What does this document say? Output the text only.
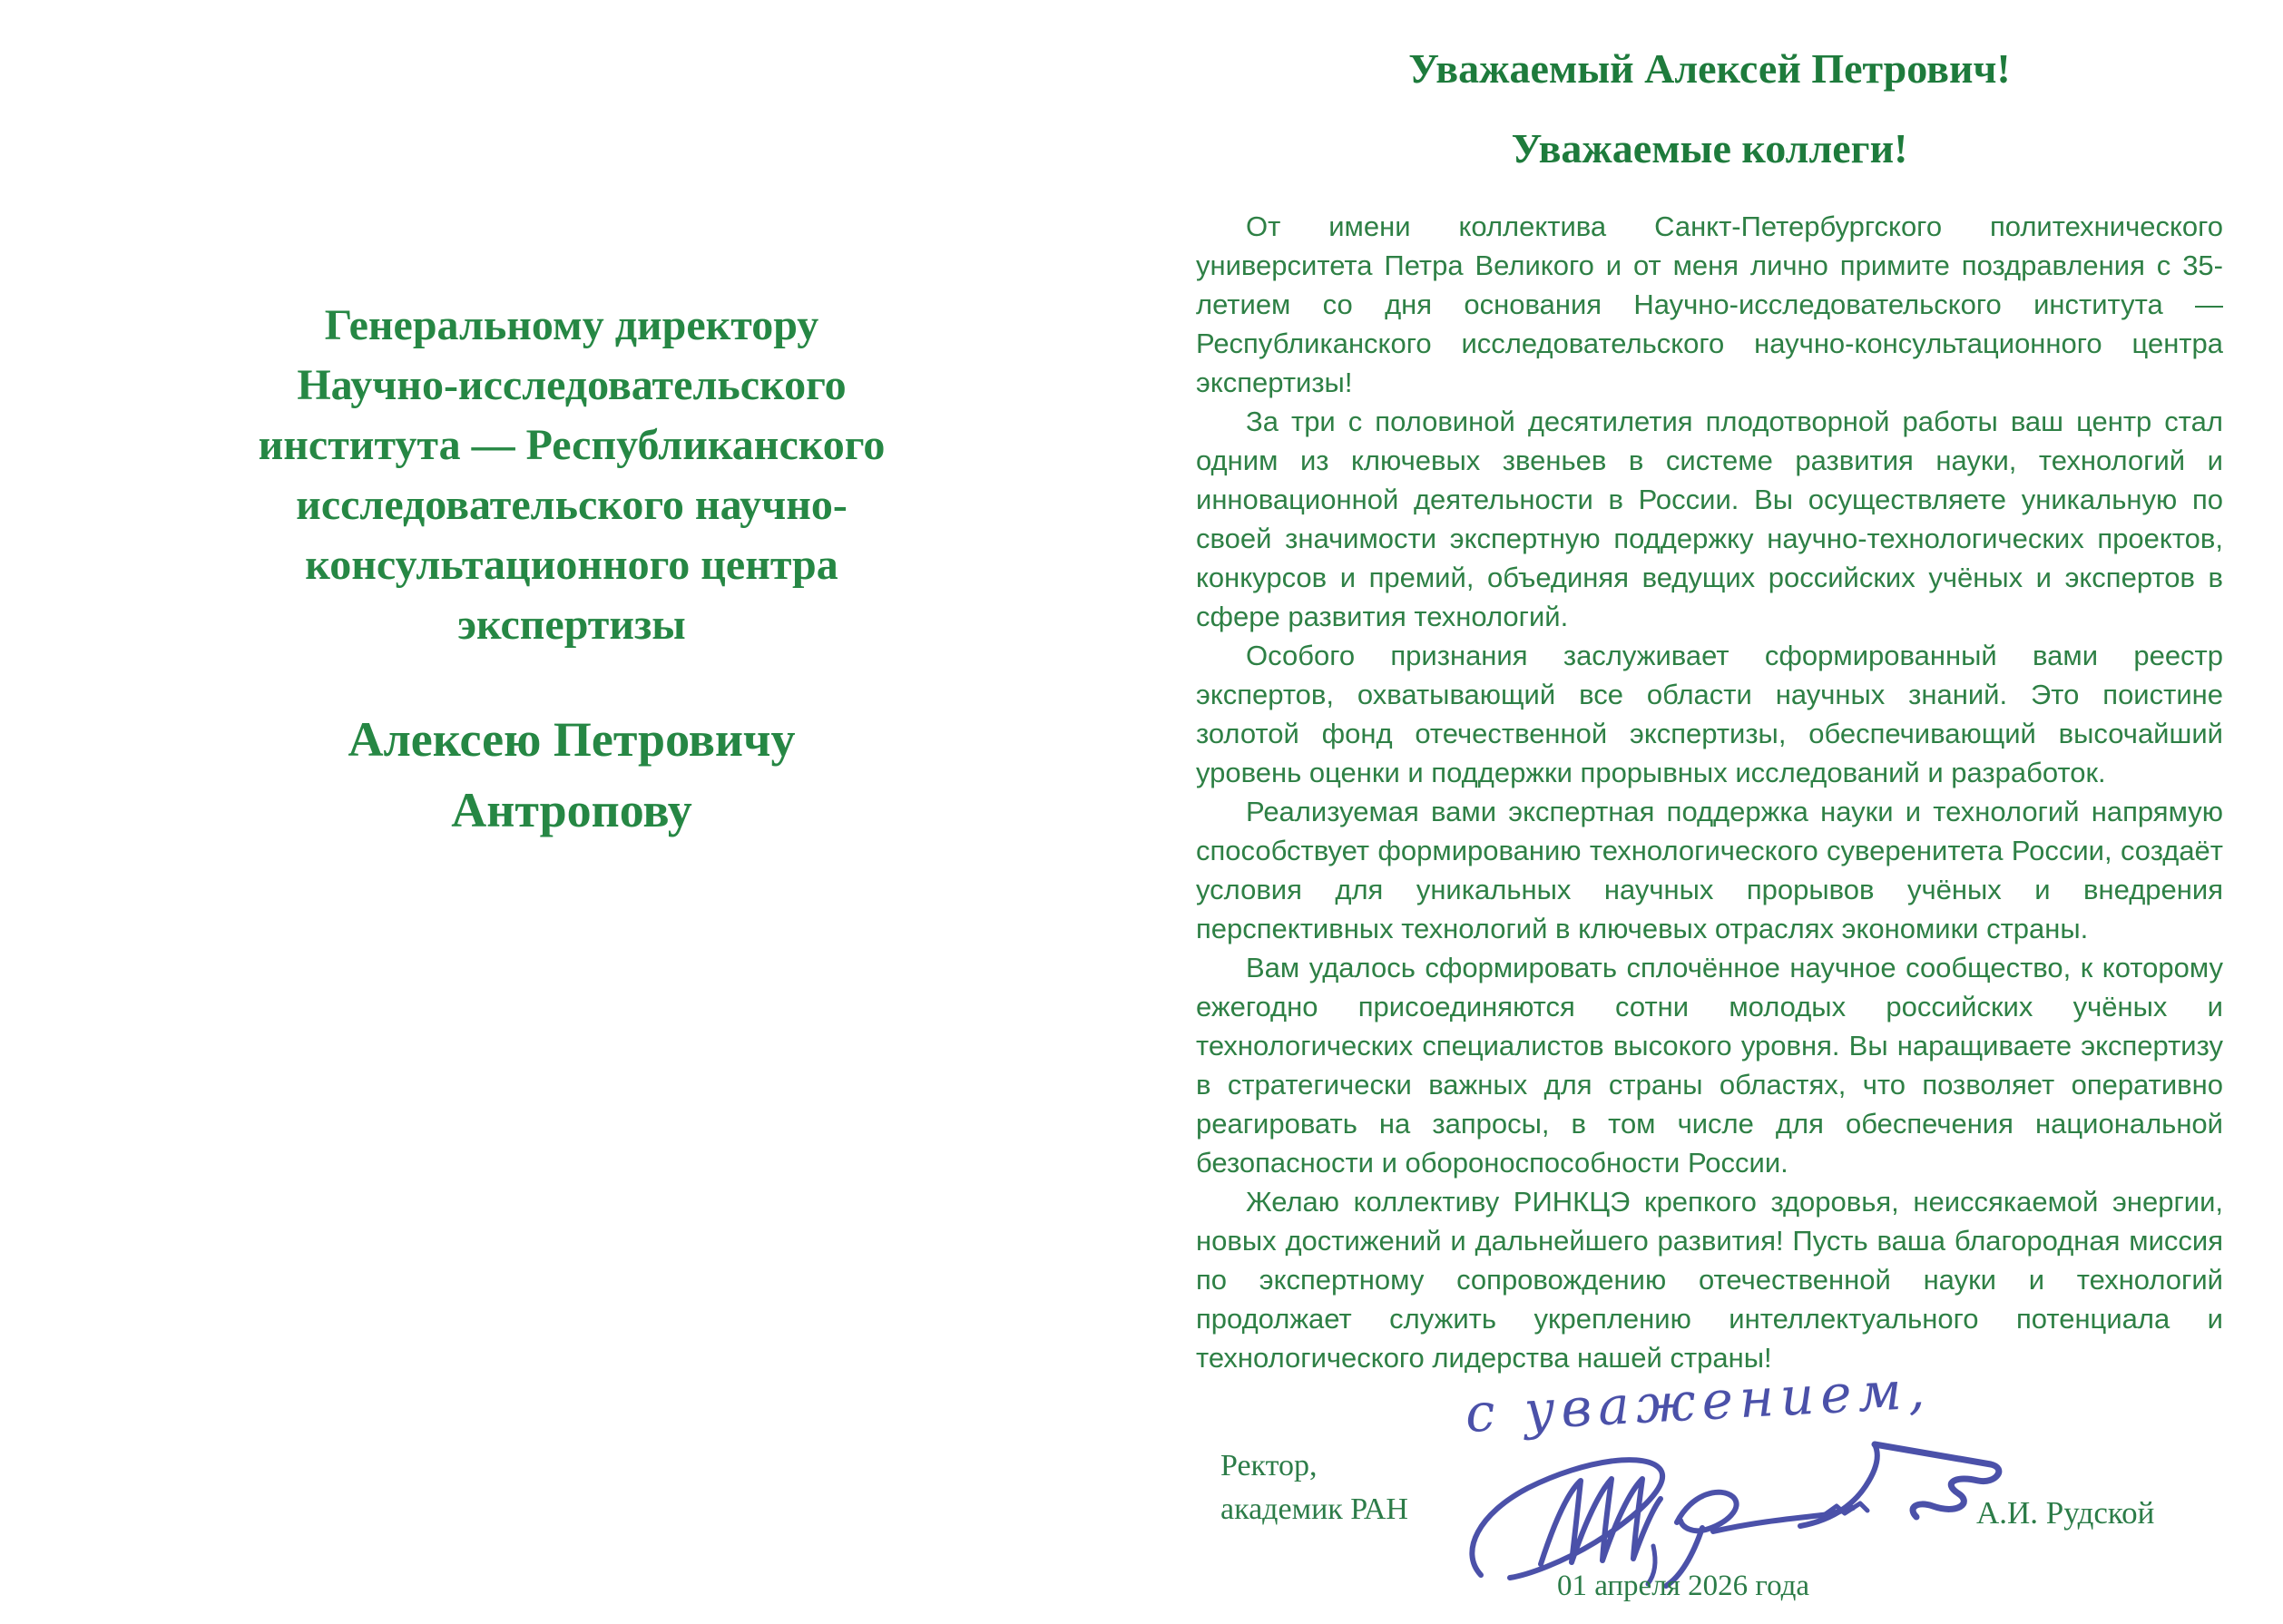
Генеральному директору
Научно-исследовательского
института — Республиканского
исследовательского научно-
консультационного центра
экспертизы
Алексею Петровичу
Антропову
Уважаемый Алексей Петрович!
Уважаемые коллеги!

От имени коллектива Санкт-Петербургского политехнического университета Петра Великого и от меня лично примите поздравления с 35-летием со дня основания Научно-исследовательского института — Республиканского исследовательского научно-консультационного центра экспертизы!

За три с половиной десятилетия плодотворной работы ваш центр стал одним из ключевых звеньев в системе развития науки, технологий и инновационной деятельности в России. Вы осуществляете уникальную по своей значимости экспертную поддержку научно-технологических проектов, конкурсов и премий, объединяя ведущих российских учёных и экспертов в сфере развития технологий.

Особого признания заслуживает сформированный вами реестр экспертов, охватывающий все области научных знаний. Это поистине золотой фонд отечественной экспертизы, обеспечивающий высочайший уровень оценки и поддержки прорывных исследований и разработок.

Реализуемая вами экспертная поддержка науки и технологий напрямую способствует формированию технологического суверенитета России, создаёт условия для уникальных научных прорывов учёных и внедрения перспективных технологий в ключевых отраслях экономики страны.

Вам удалось сформировать сплочённое научное сообщество, к которому ежегодно присоединяются сотни молодых российских учёных и технологических специалистов высокого уровня. Вы наращиваете экспертизу в стратегически важных для страны областях, что позволяет оперативно реагировать на запросы, в том числе для обеспечения национальной безопасности и обороноспособности России.

Желаю коллективу РИНКЦЭ крепкого здоровья, неиссякаемой энергии, новых достижений и дальнейшего развития! Пусть ваша благородная миссия по экспертному сопровождению отечественной науки и технологий продолжает служить укреплению интеллектуального потенциала и технологического лидерства нашей страны!

Ректор,
академик РАН
с уважением,
А.И. Рудской
01 апреля 2026 года
